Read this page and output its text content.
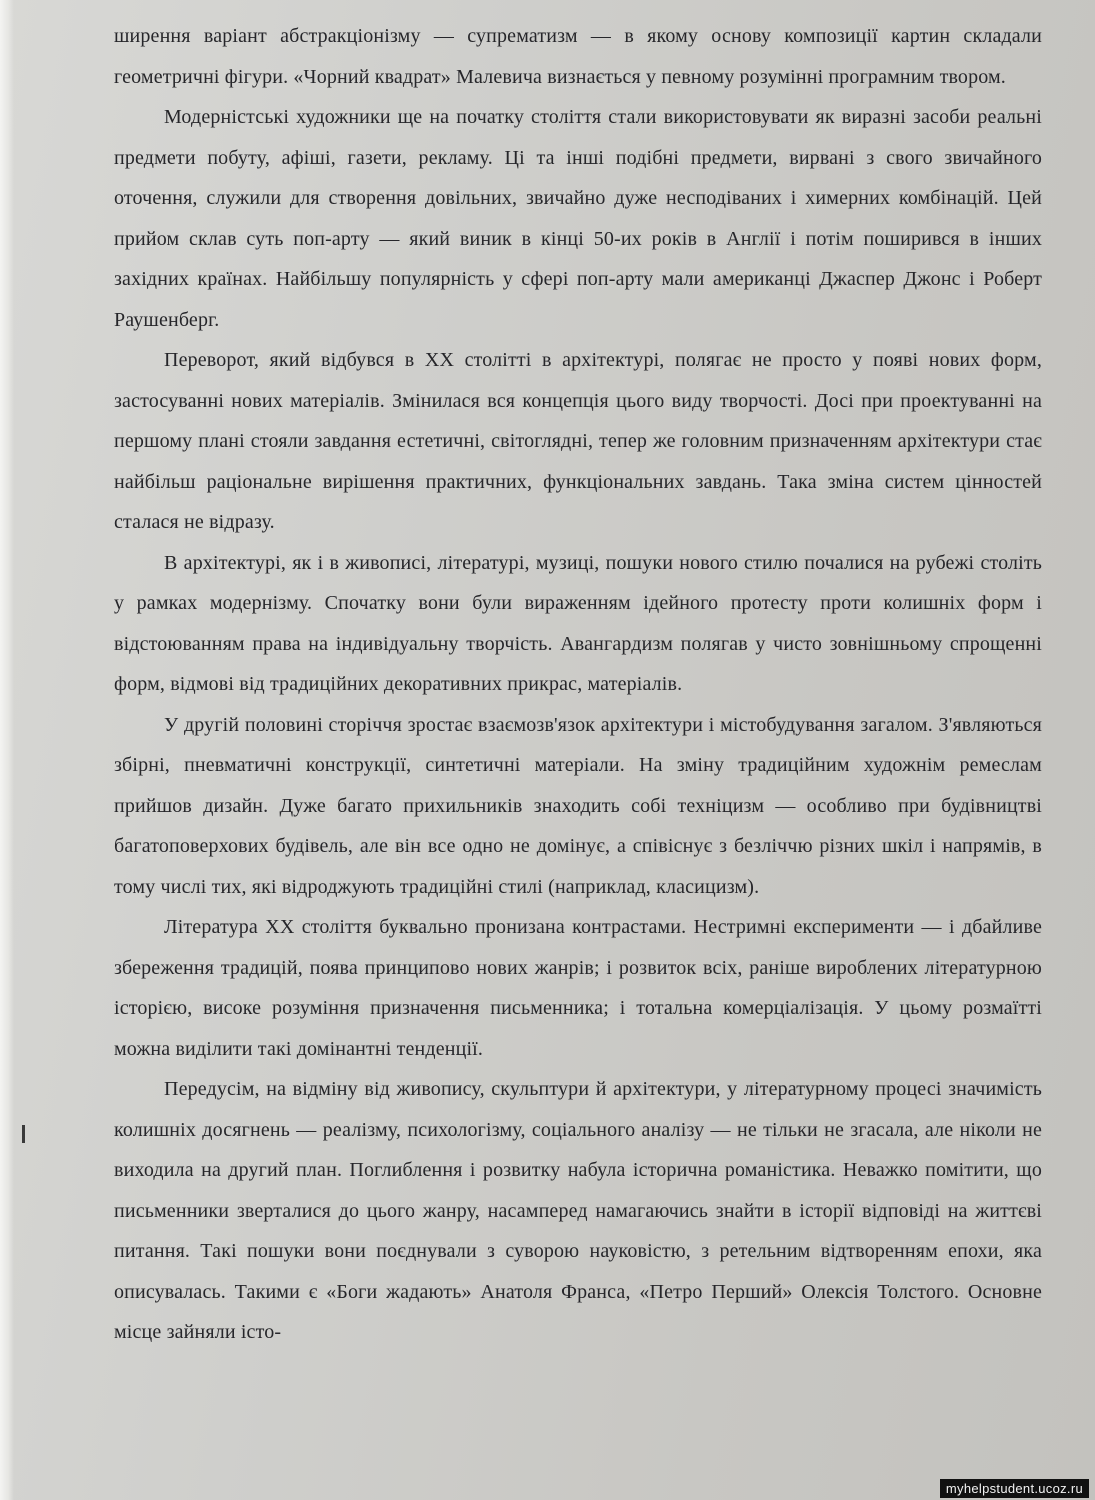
ширення варіант абстракціонізму — супрематизм — в якому основу композиції картин складали геометричні фігури. «Чорний квадрат» Малевича визнається у певному розумінні програмним твором.

Модерністські художники ще на початку століття стали використовувати як виразні засоби реальні предмети побуту, афіші, газети, рекламу. Ці та інші подібні предмети, вирвані з свого звичайного оточення, служили для створення довільних, звичайно дуже несподіваних і химерних комбінацій. Цей прийом склав суть поп-арту — який виник в кінці 50-их років в Англії і потім поширився в інших західних країнах. Найбільшу популярність у сфері поп-арту мали американці Джаспер Джонс і Роберт Раушенберг.

Переворот, який відбувся в XX столітті в архітектурі, полягає не просто у появі нових форм, застосуванні нових матеріалів. Змінилася вся концепція цього виду творчості. Досі при проектуванні на першому плані стояли завдання естетичні, світоглядні, тепер же головним призначенням архітектури стає найбільш раціональне вирішення практичних, функціональних завдань. Така зміна систем цінностей сталася не відразу.

В архітектурі, як і в живописі, літературі, музиці, пошуки нового стилю почалися на рубежі століть у рамках модернізму. Спочатку вони були вираженням ідейного протесту проти колишніх форм і відстоюванням права на індивідуальну творчість. Авангардизм полягав у чисто зовнішньому спрощенні форм, відмові від традиційних декоративних прикрас, матеріалів.

У другій половині сторіччя зростає взаємозв'язок архітектури і містобудування загалом. З'являються збірні, пневматичні конструкції, синтетичні матеріали. На зміну традиційним художнім ремеслам прийшов дизайн. Дуже багато прихильників знаходить собі техніцизм — особливо при будівництві багатоповерхових будівель, але він все одно не домінує, а співіснує з безліччю різних шкіл і напрямів, в тому числі тих, які відроджують традиційні стилі (наприклад, класицизм).

Література XX століття буквально пронизана контрастами. Нестримні експерименти — і дбайливе збереження традицій, поява принципово нових жанрів; і розвиток всіх, раніше вироблених літературною історією, високе розуміння призначення письменника; і тотальна комерціалізація. У цьому розмаїтті можна виділити такі домінантні тенденції.

Передусім, на відміну від живопису, скульптури й архітектури, у літературному процесі значимість колишніх досягнень — реалізму, психологізму, соціального аналізу — не тільки не згасала, але ніколи не виходила на другий план. Поглиблення і розвитку набула історична романістика. Неважко помітити, що письменники зверталися до цього жанру, насамперед намагаючись знайти в історії відповіді на життєві питання. Такі пошуки вони поєднували з суворою науковістю, з ретельним відтворенням епохи, яка описувалась. Такими є «Боги жадають» Анатоля Франса, «Петро Перший» Олексія Толстого. Основне місце зайняли істо-

myhelpstudent.ucoz.ru
